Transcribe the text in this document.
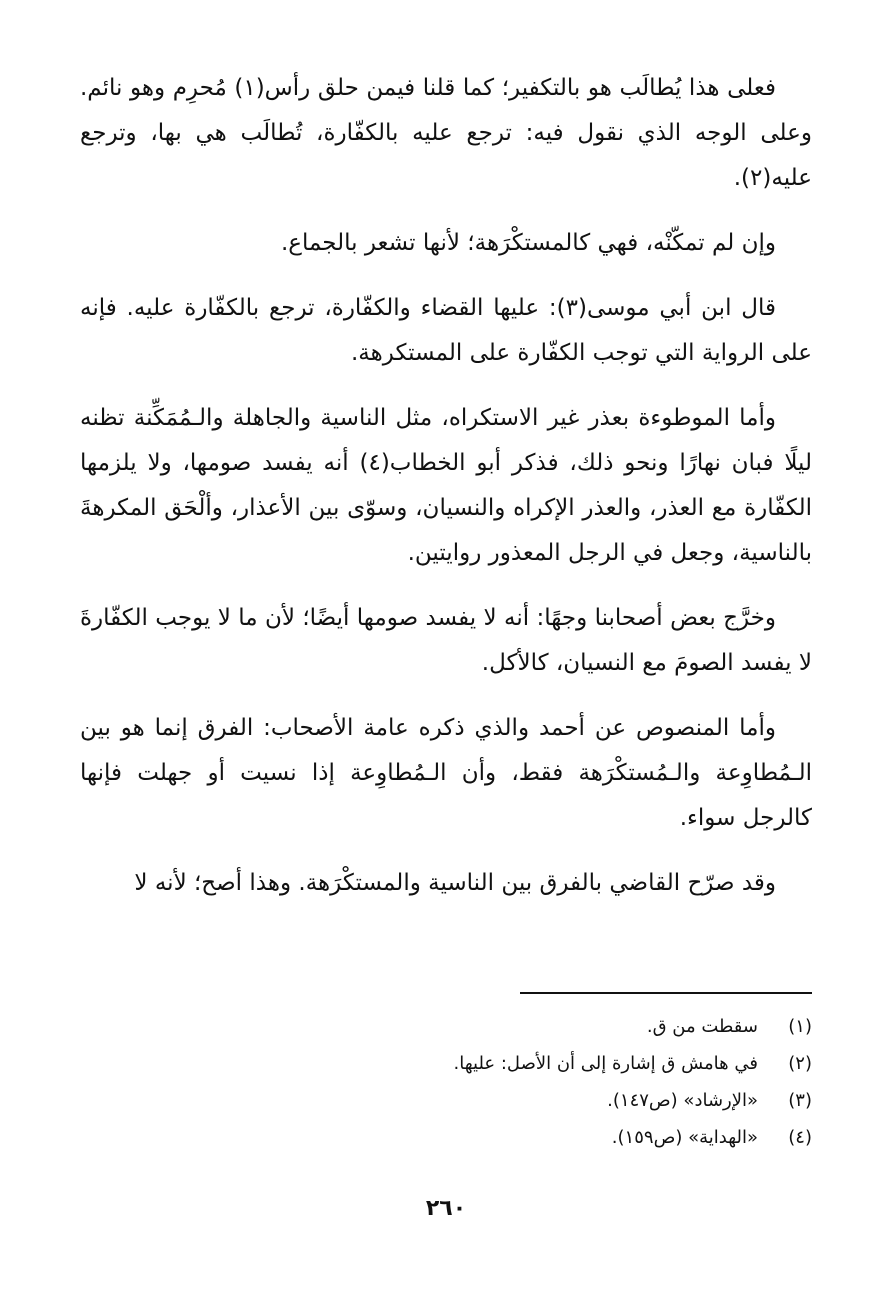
فعلى هذا يُطالَب هو بالتكفير؛ كما قلنا فيمن حلق رأس(١) مُحرِم وهو نائم. وعلى الوجه الذي نقول فيه: ترجع عليه بالكفّارة، تُطالَب هي بها، وترجع عليه(٢).

وإن لم تمكّنْه، فهي كالمستكْرَهة؛ لأنها تشعر بالجماع.

قال ابن أبي موسى(٣): عليها القضاء والكفّارة، ترجع بالكفّارة عليه. فإنه على الرواية التي توجب الكفّارة على المستكرهة.

وأما الموطوءة بعذر غير الاستكراه، مثل الناسية والجاهلة والـمُمَكِّنة تظنه ليلًا فبان نهارًا ونحو ذلك، فذكر أبو الخطاب(٤) أنه يفسد صومها، ولا يلزمها الكفّارة مع العذر، والعذر الإكراه والنسيان، وسوّى بين الأعذار، وألْحَق المكرهةَ بالناسية، وجعل في الرجل المعذور روايتين.

وخرَّج بعض أصحابنا وجهًا: أنه لا يفسد صومها أيضًا؛ لأن ما لا يوجب الكفّارةَ لا يفسد الصومَ مع النسيان، كالأكل.

وأما المنصوص عن أحمد والذي ذكره عامة الأصحاب: الفرق إنما هو بين الـمُطاوِعة والـمُستكْرَهة فقط، وأن الـمُطاوِعة إذا نسيت أو جهلت فإنها كالرجل سواء.

وقد صرّح القاضي بالفرق بين الناسية والمستكْرَهة. وهذا أصح؛ لأنه لا

(١)
سقطت من ق.
(٢)
في هامش ق إشارة إلى أن الأصل: عليها.
(٣)
«الإرشاد» (ص١٤٧).
(٤)
«الهداية» (ص١٥٩).
٢٦٠
